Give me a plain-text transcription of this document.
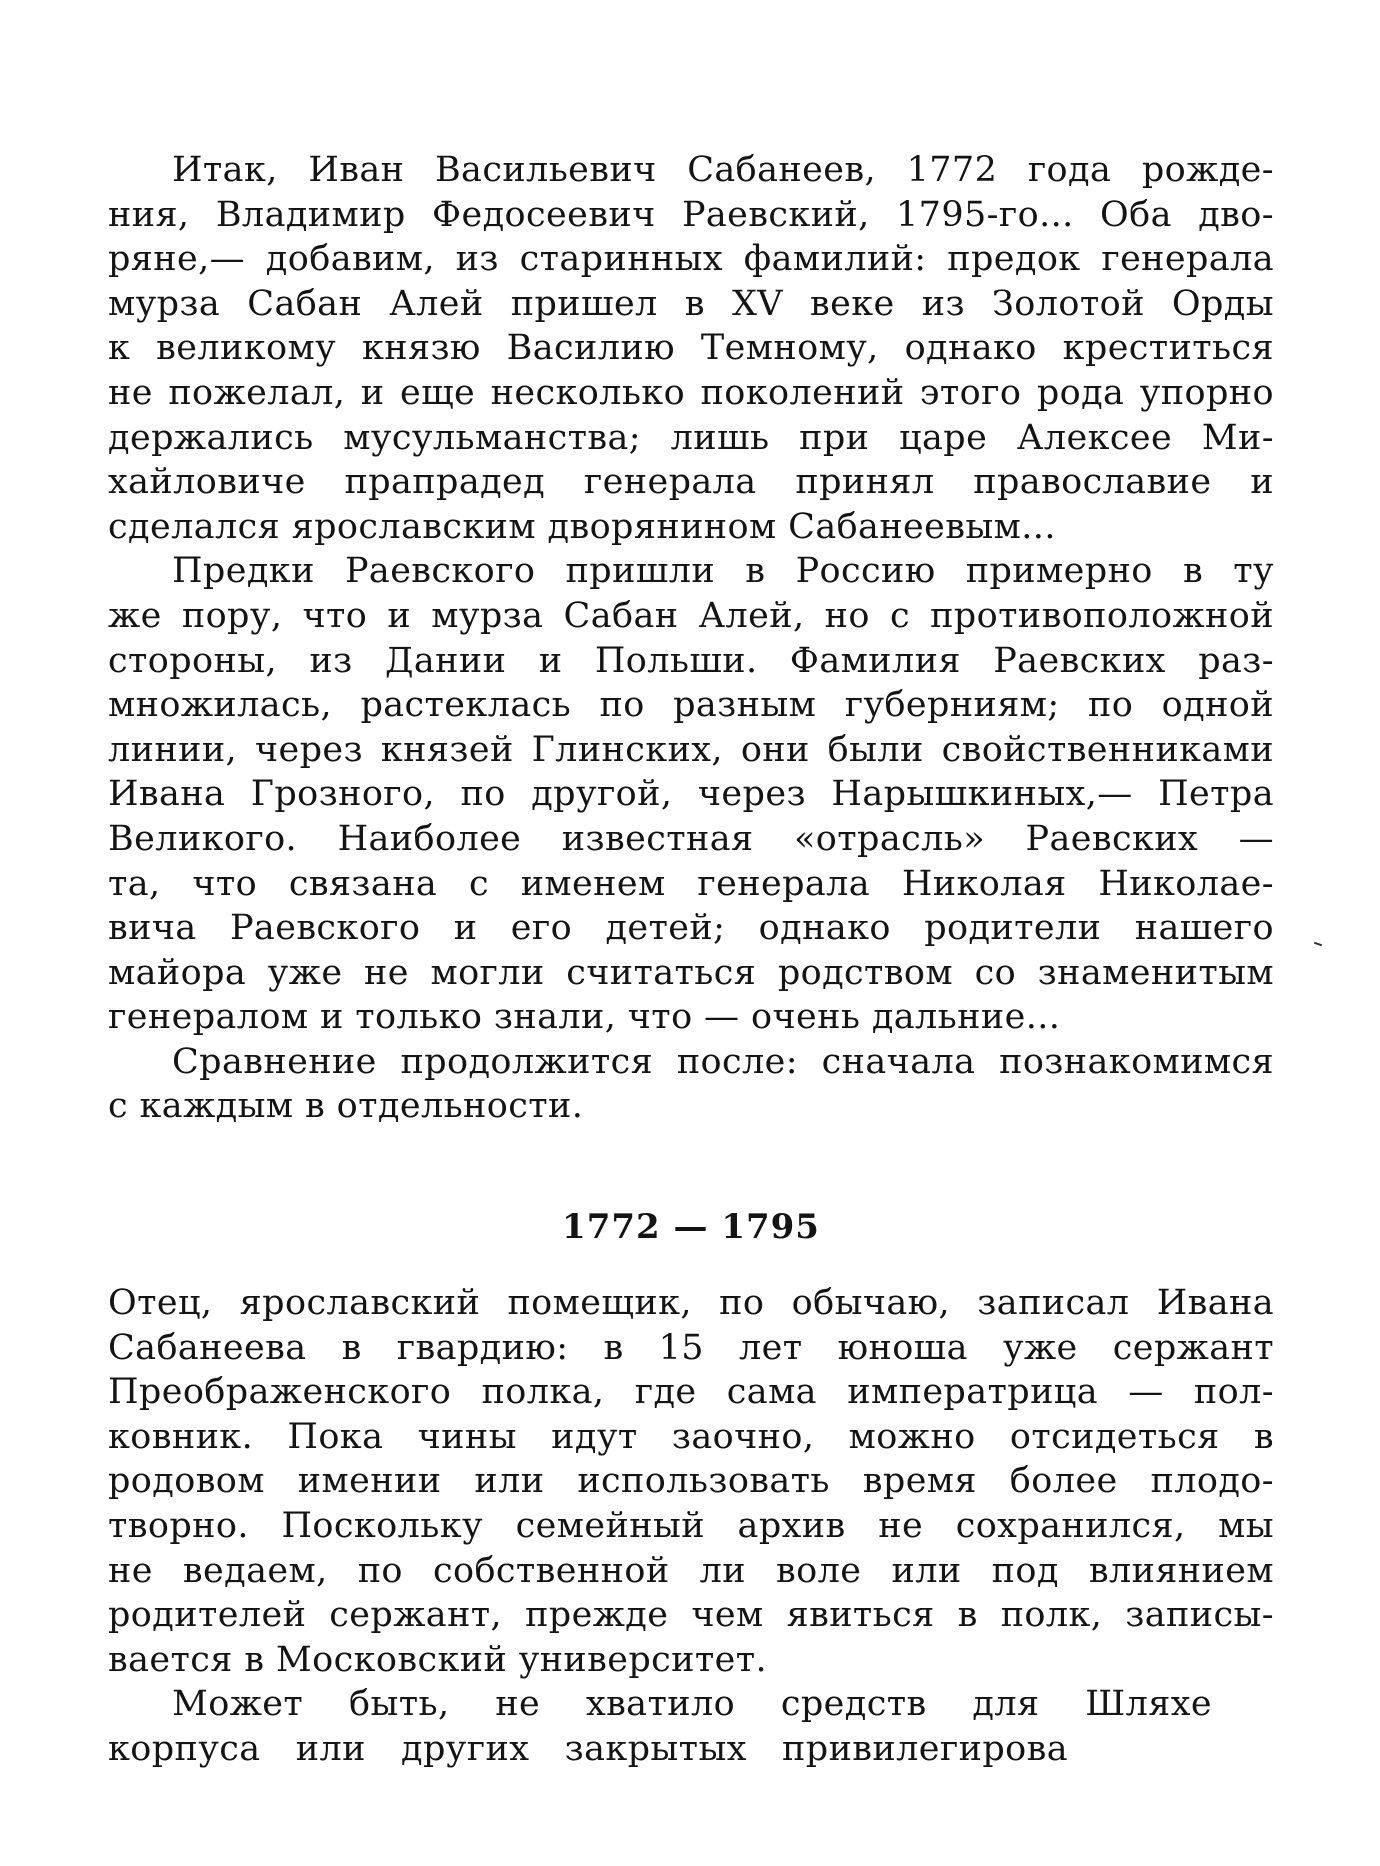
Итак, Иван Васильевич Сабанеев, 1772 года рожде-
ния, Владимир Федосеевич Раевский, 1795-го... Оба дво-
ряне,— добавим, из старинных фамилий: предок генерала
мурза Сабан Алей пришел в XV веке из Золотой Орды
к великому князю Василию Темному, однако креститься
не пожелал, и еще несколько поколений этого рода упорно
держались мусульманства; лишь при царе Алексее Ми-
хайловиче прапрадед генерала принял православие и
сделался ярославским дворянином Сабанеевым...
Предки Раевского пришли в Россию примерно в ту
же пору, что и мурза Сабан Алей, но с противоположной
стороны, из Дании и Польши. Фамилия Раевских раз-
множилась, растеклась по разным губерниям; по одной
линии, через князей Глинских, они были свойственниками
Ивана Грозного, по другой, через Нарышкиных,— Петра
Великого. Наиболее известная «отрасль» Раевских —
та, что связана с именем генерала Николая Николае-
вича Раевского и его детей; однако родители нашего
майора уже не могли считаться родством со знаменитым
генералом и только знали, что — очень дальние...
Сравнение продолжится после: сначала познакомимся
с каждым в отдельности.
1772 — 1795
Отец, ярославский помещик, по обычаю, записал Ивана
Сабанеева в гвардию: в 15 лет юноша уже сержант
Преображенского полка, где сама императрица — пол-
ковник. Пока чины идут заочно, можно отсидеться в
родовом имении или использовать время более плодо-
творно. Поскольку семейный архив не сохранился, мы
не ведаем, по собственной ли воле или под влиянием
родителей сержант, прежде чем явиться в полк, записы-
вается в Московский университет.
Может быть, не хватило средств для Шляхе
корпуса или других закрытых привилегирова
